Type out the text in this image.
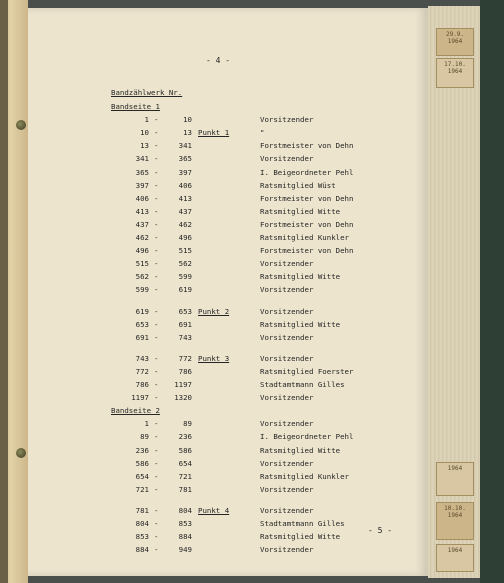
29.9.
1964
17.10.
1964
1964
10.10.
1964
1964
- 4 -
Bandzählwerk Nr.
Bandseite 1
1 -	10	Vorsitzender
10 -	13 Punkt 1	"
13 -	341	Forstmeister von Dehn
341 -	365	Vorsitzender
365 -	397	I. Beigeordneter Pehl
397 -	406	Ratsmitglied Wüst
406 -	413	Forstmeister von Dehn
413 -	437	Ratsmitglied Witte
437 -	462	Forstmeister von Dehn
462 -	496	Ratsmitglied Kunkler
496 -	515	Forstmeister von Dehn
515 -	562	Vorsitzender
562 -	599	Ratsmitglied Witte
599 -	619	Vorsitzender
619 -	653 Punkt 2	Vorsitzender
653 -	691	Ratsmitglied Witte
691 -	743	Vorsitzender
743 -	772 Punkt 3	Vorsitzender
772 -	786	Ratsmitglied Foerster
786 -	1197	Stadtamtmann Gilles
1197 -	1320	Vorsitzender
Bandseite 2
1 -	89	Vorsitzender
89 -	236	I. Beigeordneter Pehl
236 -	586	Ratsmitglied Witte
586 -	654	Vorsitzender
654 -	721	Ratsmitglied Kunkler
721 -	781	Vorsitzender
781 -	804 Punkt 4	Vorsitzender
804 -	853	Stadtamtmann Gilles
853 -	884	Ratsmitglied Witte
884 -	949	Vorsitzender
- 5 -
